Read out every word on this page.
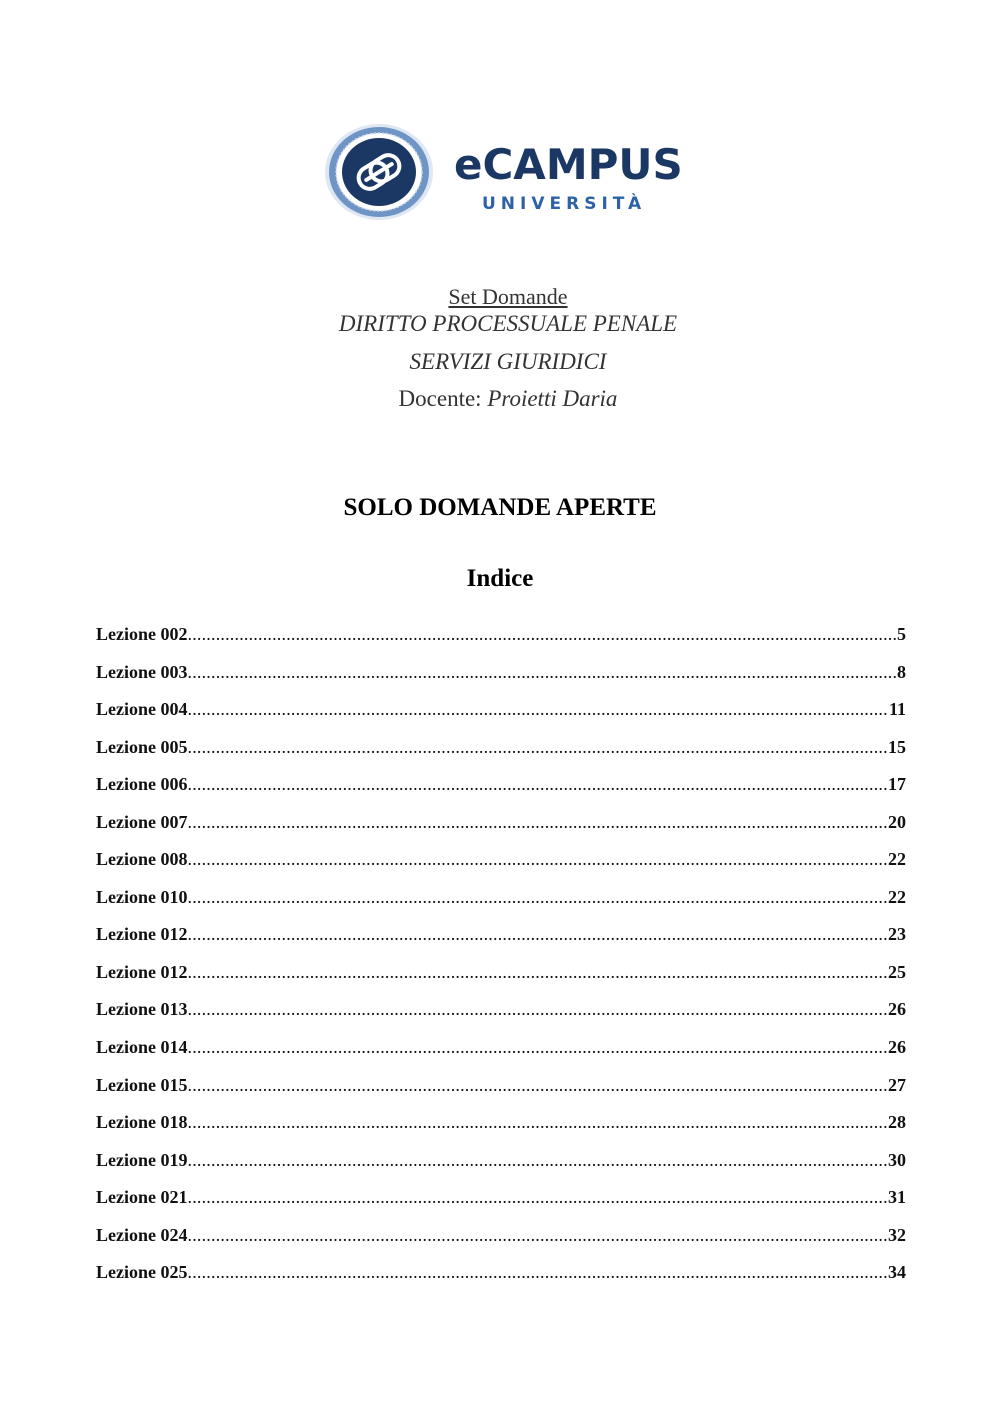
eCAMPUS
UNIVERSITÀ
Set Domande
DIRITTO PROCESSUALE PENALE
SERVIZI GIURIDICI
Docente: Proietti Daria
SOLO DOMANDE APERTE
Indice
Lezione 002 .....	5
Lezione 003 .....	8
Lezione 004 .....	11
Lezione 005 .....	15
Lezione 006 .....	17
Lezione 007 .....	20
Lezione 008 .....	22
Lezione 010 .....	22
Lezione 012 .....	23
Lezione 012 .....	25
Lezione 013 .....	26
Lezione 014 .....	26
Lezione 015 .....	27
Lezione 018 .....	28
Lezione 019 .....	30
Lezione 021 .....	31
Lezione 024 .....	32
Lezione 025 .....	34
